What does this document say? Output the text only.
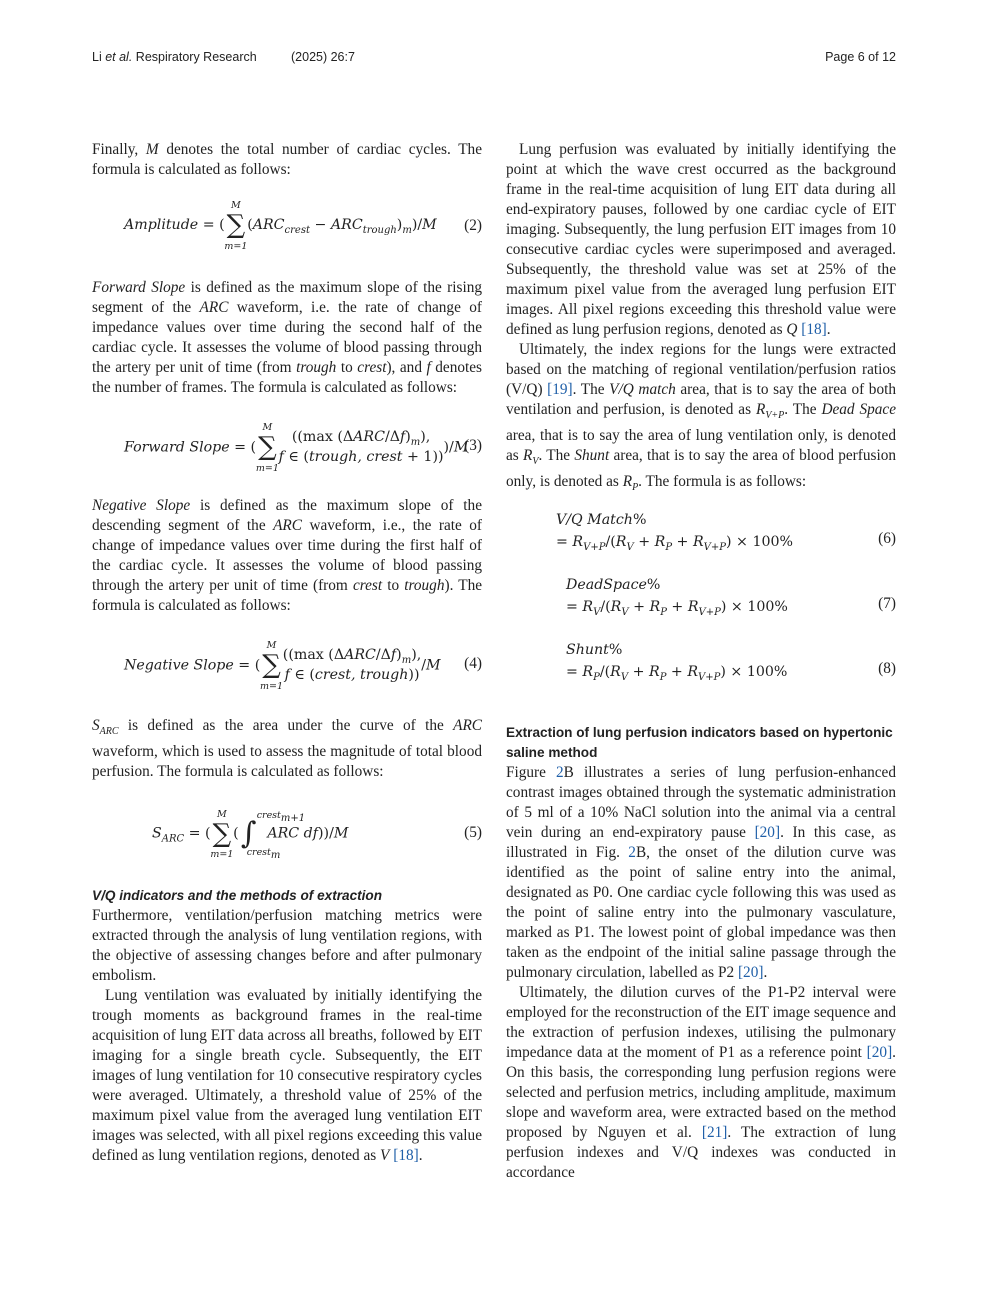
Li et al. Respiratory Research	(2025) 26:7	Page 6 of 12

Finally, M denotes the total number of cardiac cycles. The formula is calculated as follows:

Amplitude = (∑
M
m=1
$(ARC_{crest} - ARC_{trough})_m)/M$ (2)

Forward Slope is defined as the maximum slope of the rising segment of the ARC waveform, i.e. the rate of change of impedance values over time during the second half of the cardiac cycle. It assesses the volume of blood passing through the artery per unit of time (from trough to crest), and f denotes the number of frames. The formula is calculated as follows:

Forward Slope = (∑
M
m=1
((max $(\Delta ARC/\Delta f)_m$),
f ∈ (trough, crest + 1)))/M
(3)

Negative Slope is defined as the maximum slope of the descending segment of the ARC waveform, i.e., the rate of change of impedance values over time during the first half of the cardiac cycle. It assesses the volume of blood passing through the artery per unit of time (from crest to trough). The formula is calculated as follows:

Negative Slope = (∑
M
m=1
((max $(\Delta ARC/\Delta f)_m$),
f ∈ (crest, trough))/M (4)

$S_{ARC}$ is defined as the area under the curve of the ARC waveform, which is used to assess the magnitude of total blood perfusion. The formula is calculated as follows:

$S_{ARC}$ = (∑
M
m=1
(∫
crest$_{m+1}$
crest$_m$
ARC df))/M	(5)
V/Q indicators and the methods of extraction

Furthermore, ventilation/perfusion matching metrics were extracted through the analysis of lung ventilation regions, with the objective of assessing changes before and after pulmonary embolism.

Lung ventilation was evaluated by initially identifying the trough moments as background frames in the real-time acquisition of lung EIT data across all breaths, followed by EIT imaging for a single breath cycle. Subsequently, the EIT images of lung ventilation for 10 consecutive respiratory cycles were averaged. Ultimately, a threshold value of 25% of the maximum pixel value from the averaged lung ventilation EIT images was selected, with all pixel regions exceeding this value defined as lung ventilation regions, denoted as V [18].

Lung perfusion was evaluated by initially identifying the point at which the wave crest occurred as the background frame in the real-time acquisition of lung EIT data during all end-expiratory pauses, followed by one cardiac cycle of EIT imaging. Subsequently, the lung perfusion EIT images from 10 consecutive cardiac cycles were superimposed and averaged. Subsequently, the threshold value was set at 25% of the maximum pixel value from the averaged lung perfusion EIT images. All pixel regions exceeding this threshold value were defined as lung perfusion regions, denoted as Q [18].

Ultimately, the index regions for the lungs were extracted based on the matching of regional ventilation/perfusion ratios (V/Q) [19]. The V/Q match area, that is to say the area of both ventilation and perfusion, is denoted as $R_{V+P}$. The Dead Space area, that is to say the area of lung ventilation only, is denoted as $R_V$. The Shunt area, that is to say the area of blood perfusion only, is denoted as $R_P$. The formula is as follows:

V/Q Match%
= $R_{V+P}/(R_V + R_P + R_{V+P}) \times 100\%$	(6)
DeadSpace%
= $R_V/(R_V + R_P + R_{V+P}) \times 100\%$	(7)
Shunt%
= $R_P/(R_V + R_P + R_{V+P}) \times 100\%$	(8)
Extraction of lung perfusion indicators based on hypertonic saline method

Figure 2B illustrates a series of lung perfusion-enhanced contrast images obtained through the systematic administration of 5 ml of a 10% NaCl solution into the animal via a central vein during an end-expiratory pause [20]. In this case, as illustrated in Fig. 2B, the onset of the dilution curve was identified as the point of saline entry into the animal, designated as P0. One cardiac cycle following this was used as the point of saline entry into the pulmonary vasculature, marked as P1. The lowest point of global impedance was then taken as the endpoint of the initial saline passage through the pulmonary circulation, labelled as P2 [20].

Ultimately, the dilution curves of the P1-P2 interval were employed for the reconstruction of the EIT image sequence and the extraction of perfusion indexes, utilising the pulmonary impedance data at the moment of P1 as a reference point [20]. On this basis, the corresponding lung perfusion regions were selected and perfusion metrics, including amplitude, maximum slope and waveform area, were extracted based on the method proposed by Nguyen et al. [21]. The extraction of lung perfusion indexes and V/Q indexes was conducted in accordance
